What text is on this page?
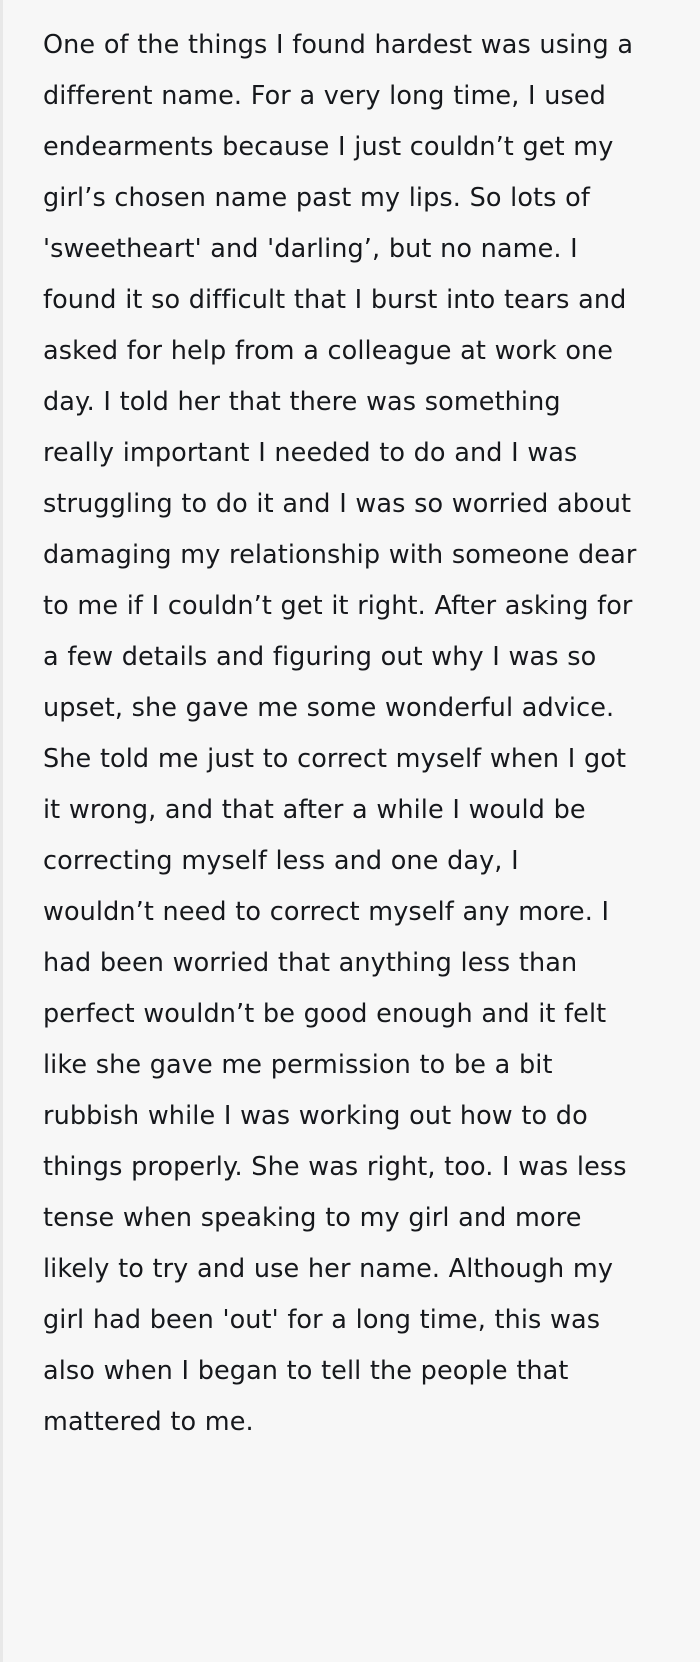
One of the things I found hardest was using a different name. For a very long time, I used endearments because I just couldn’t get my girl’s chosen name past my lips. So lots of 'sweetheart' and 'darling’, but no name. I found it so difficult that I burst into tears and asked for help from a colleague at work one day. I told her that there was something really important I needed to do and I was struggling to do it and I was so worried about damaging my relationship with someone dear to me if I couldn’t get it right. After asking for a few details and figuring out why I was so upset, she gave me some wonderful advice. She told me just to correct myself when I got it wrong, and that after a while I would be correcting myself less and one day, I wouldn’t need to correct myself any more. I had been worried that anything less than perfect wouldn’t be good enough and it felt like she gave me permission to be a bit rubbish while I was working out how to do things properly. She was right, too. I was less tense when speaking to my girl and more likely to try and use her name. Although my girl had been 'out' for a long time, this was also when I began to tell the people that mattered to me.
